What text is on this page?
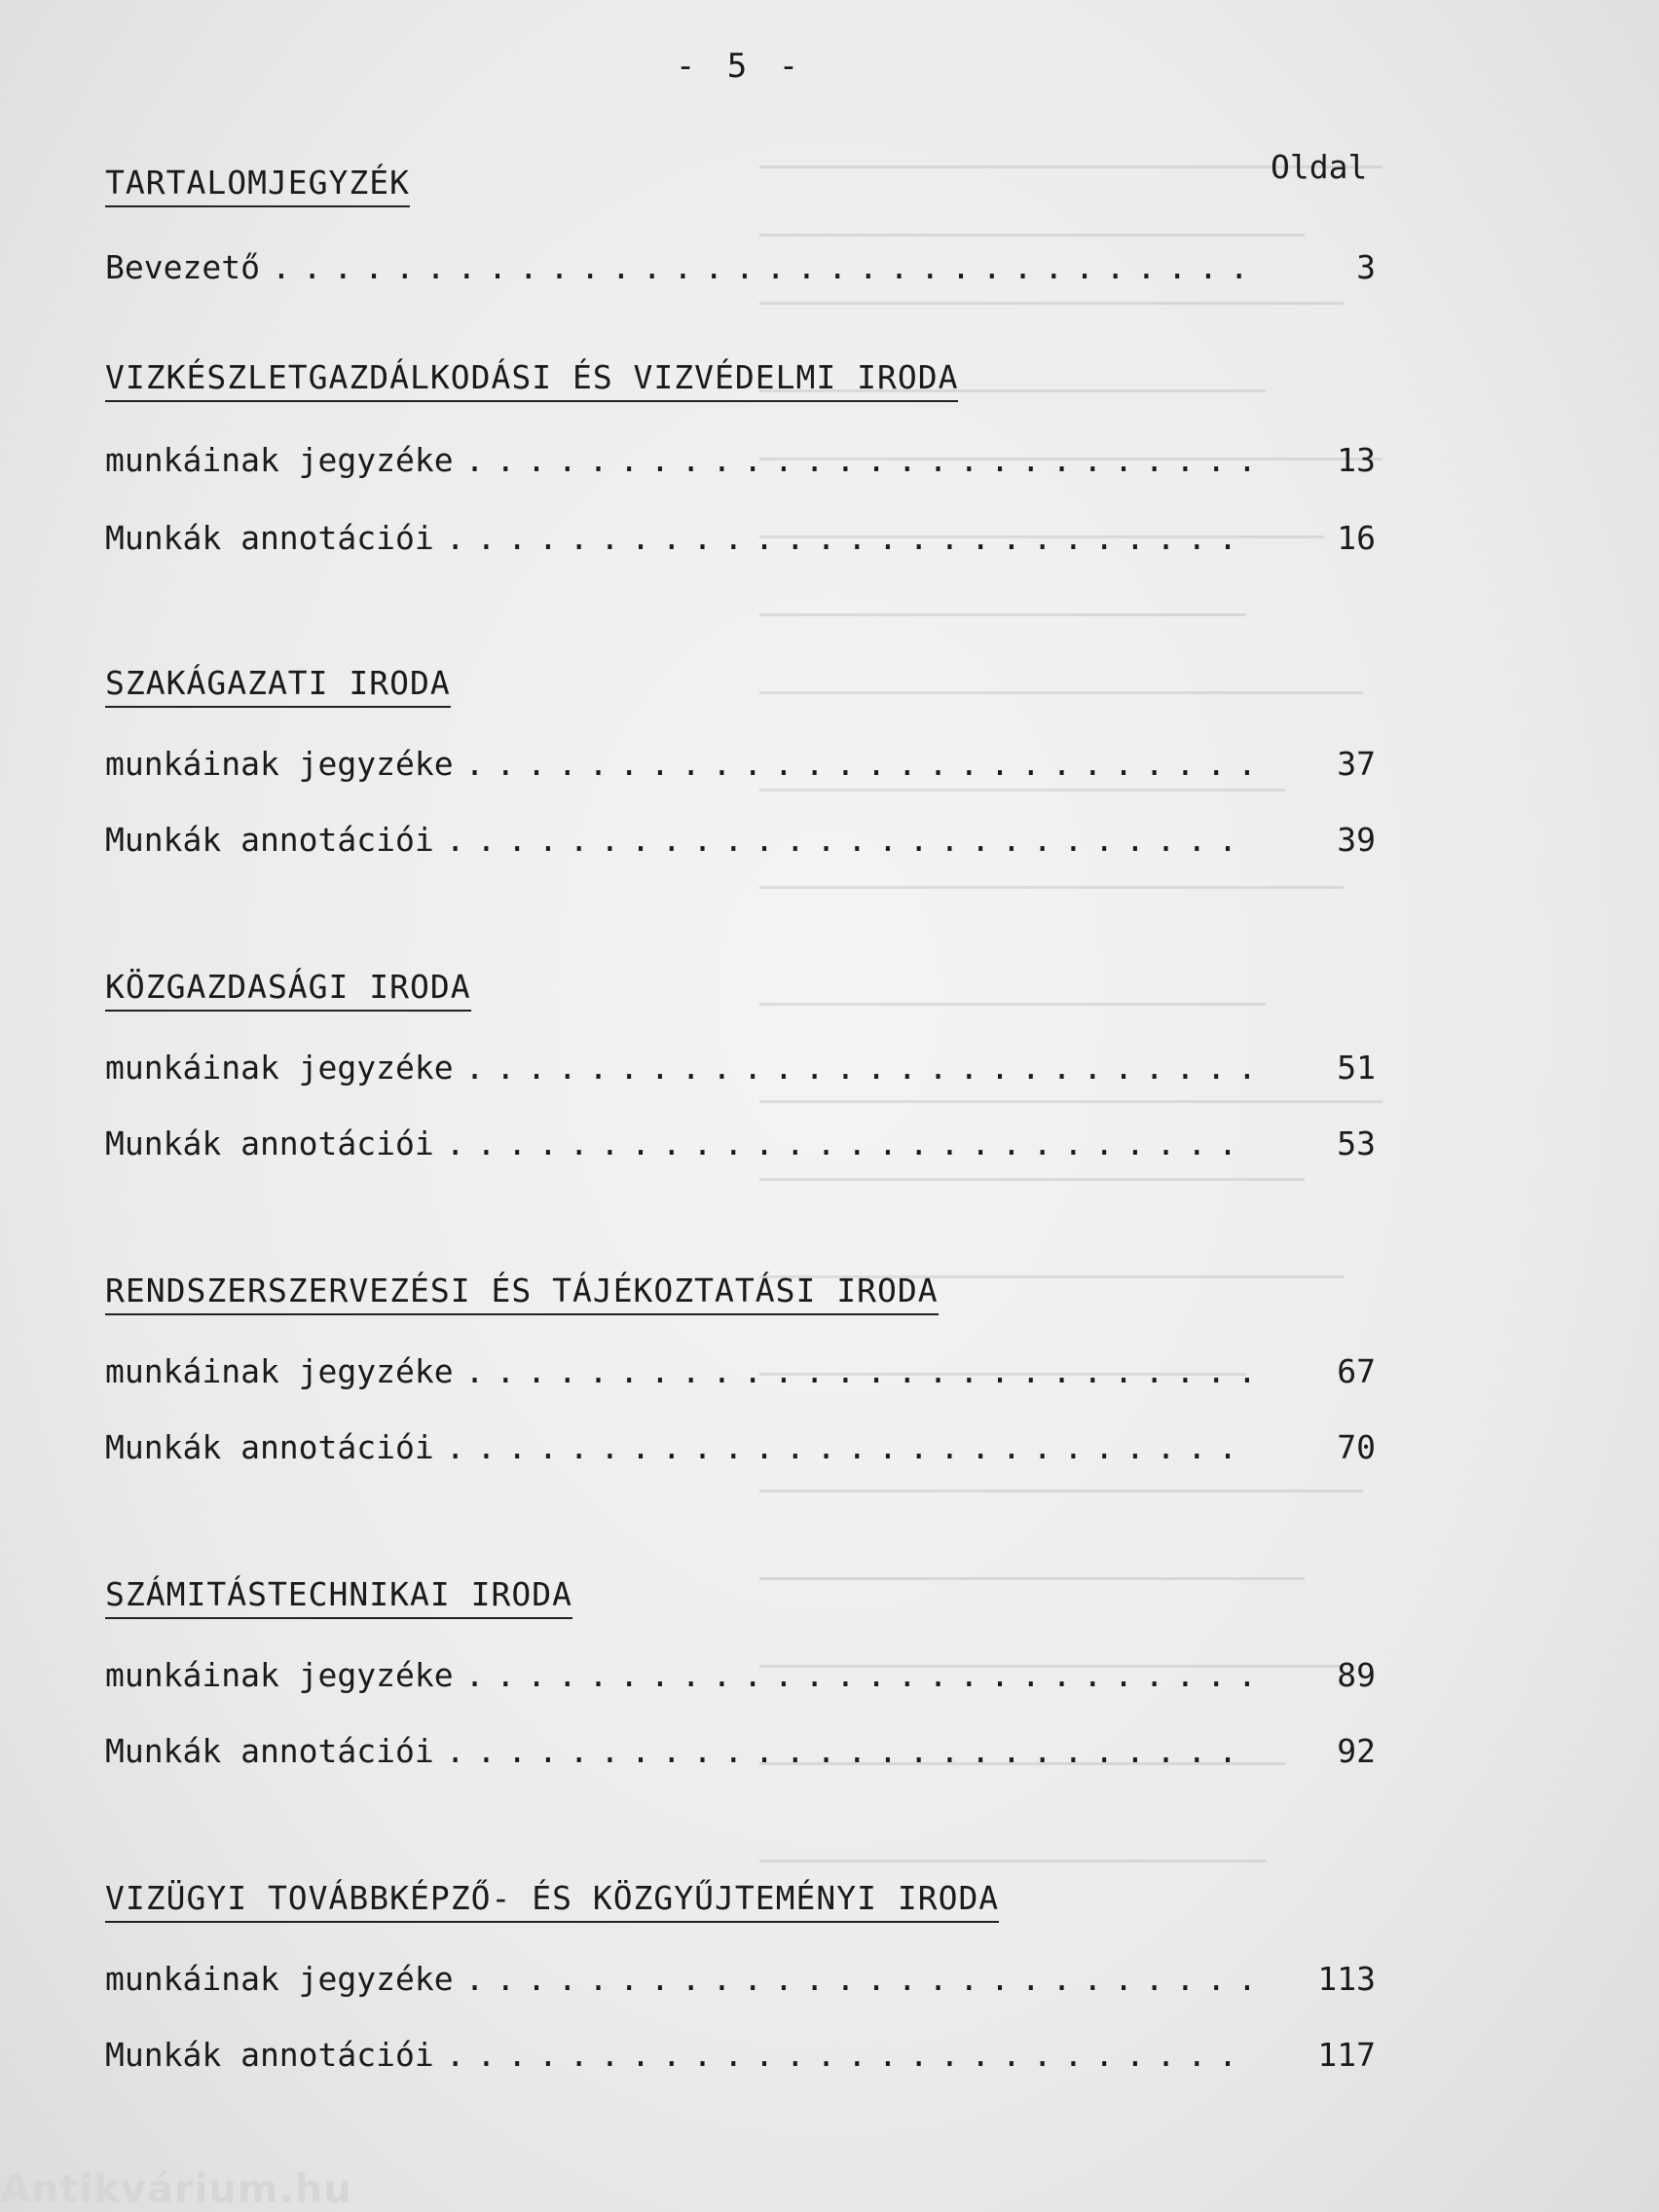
- 5 -
TARTALOMJEGYZÉK	Oldal
Bevezető . . .	3
VIZKÉSZLETGAZDÁLKODÁSI ÉS VIZVÉDELMI IRODA
munkáinak jegyzéke . . .	13
Munkák annotációi . . .	16
SZAKÁGAZATI IRODA
munkáinak jegyzéke . . .	37
Munkák annotációi . . .	39
KÖZGAZDASÁGI IRODA
munkáinak jegyzéke . . .	51
Munkák annotációi . . .	53
RENDSZERSZERVEZÉSI ÉS TÁJÉKOZTATÁSI IRODA
munkáinak jegyzéke . . .	67
Munkák annotációi . . .	70
SZÁMITÁSTECHNIKAI IRODA
munkáinak jegyzéke . . .	89
Munkák annotációi . . .	92
VIZÜGYI TOVÁBBKÉPZŐ- ÉS KÖZGYŰJTEMÉNYI IRODA
munkáinak jegyzéke . . .	113
Munkák annotációi . . .	117
Antikvárium.hu
